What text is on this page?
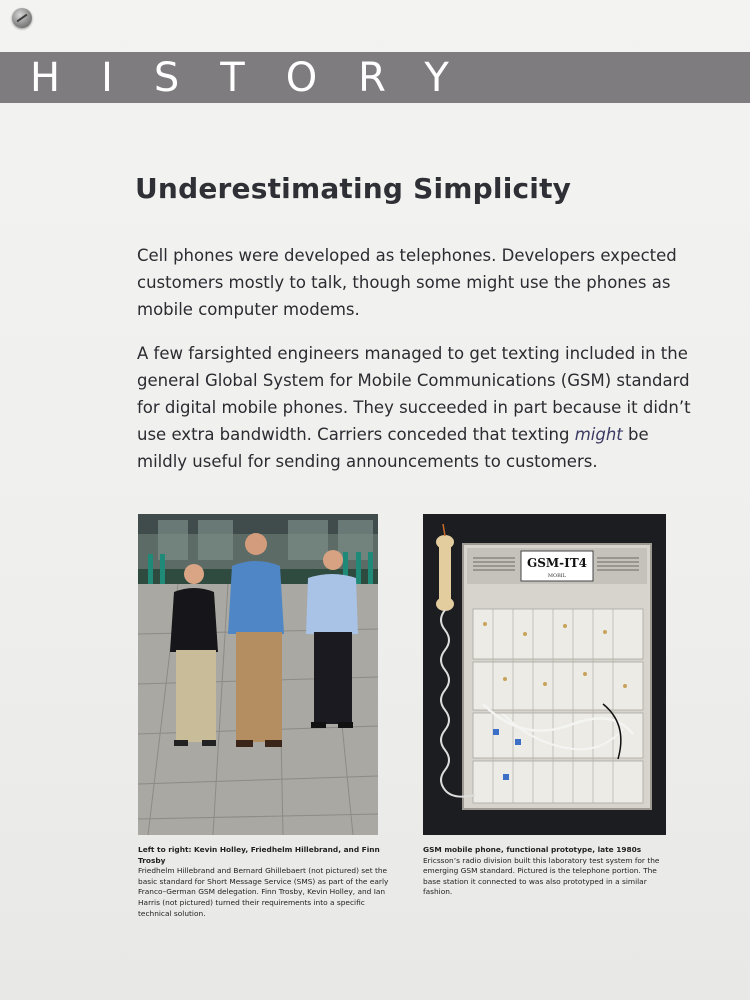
HISTORY
Underestimating Simplicity

Cell phones were developed as telephones. Developers expected customers mostly to talk, though some might use the phones as mobile computer modems.

A few farsighted engineers managed to get texting included in the general Global System for Mobile Communications (GSM) standard for digital mobile phones. They succeeded in part because it didn’t use extra bandwidth. Carriers conceded that texting might be mildly useful for sending announcements to customers.

GSM-IT4
MOBIL

Left to right: Kevin Holley, Friedhelm Hillebrand, and Finn Trosby
Friedhelm Hillebrand and Bernard Ghillebaert (not pictured) set the basic standard for Short Message Service (SMS) as part of the early Franco–German GSM delegation. Finn Trosby, Kevin Holley, and Ian Harris (not pictured) turned their requirements into a specific technical solution.

GSM mobile phone, functional prototype, late 1980s
Ericsson’s radio division built this laboratory test system for the emerging GSM standard. Pictured is the telephone portion. The base station it connected to was also prototyped in a similar fashion.
